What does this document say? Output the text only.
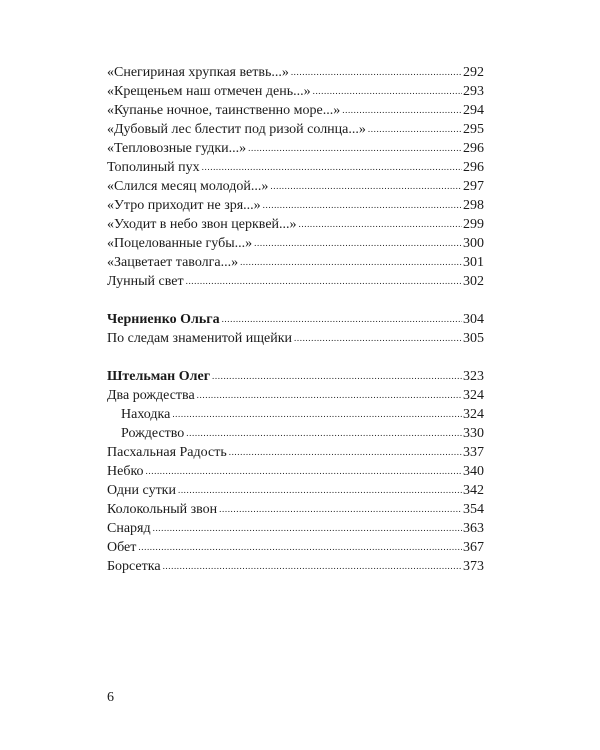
«Снегириная хрупкая ветвь...» .....	292
«Крещеньем наш отмечен день...» .....	293
«Купанье ночное, таинственно море...» .....	294
«Дубовый лес блестит под ризой солнца...» .....	295
«Тепловозные гудки...» .....	296
Тополиный пух .....	296
«Слился месяц молодой...» .....	297
«Утро приходит не зря...» .....	298
«Уходит в небо звон церквей...» .....	299
«Поцелованные губы...» .....	300
«Зацветает таволга...» .....	301
Лунный свет .....	302
Черниенко Ольга .....	304
По следам знаменитой ищейки .....	305
Штельман Олег .....	323
Два рождества .....	324
Находка .....	324
Рождество .....	330
Пасхальная Радость .....	337
Небко .....	340
Одни сутки .....	342
Колокольный звон .....	354
Снаряд .....	363
Обет .....	367
Борсетка .....	373
6
